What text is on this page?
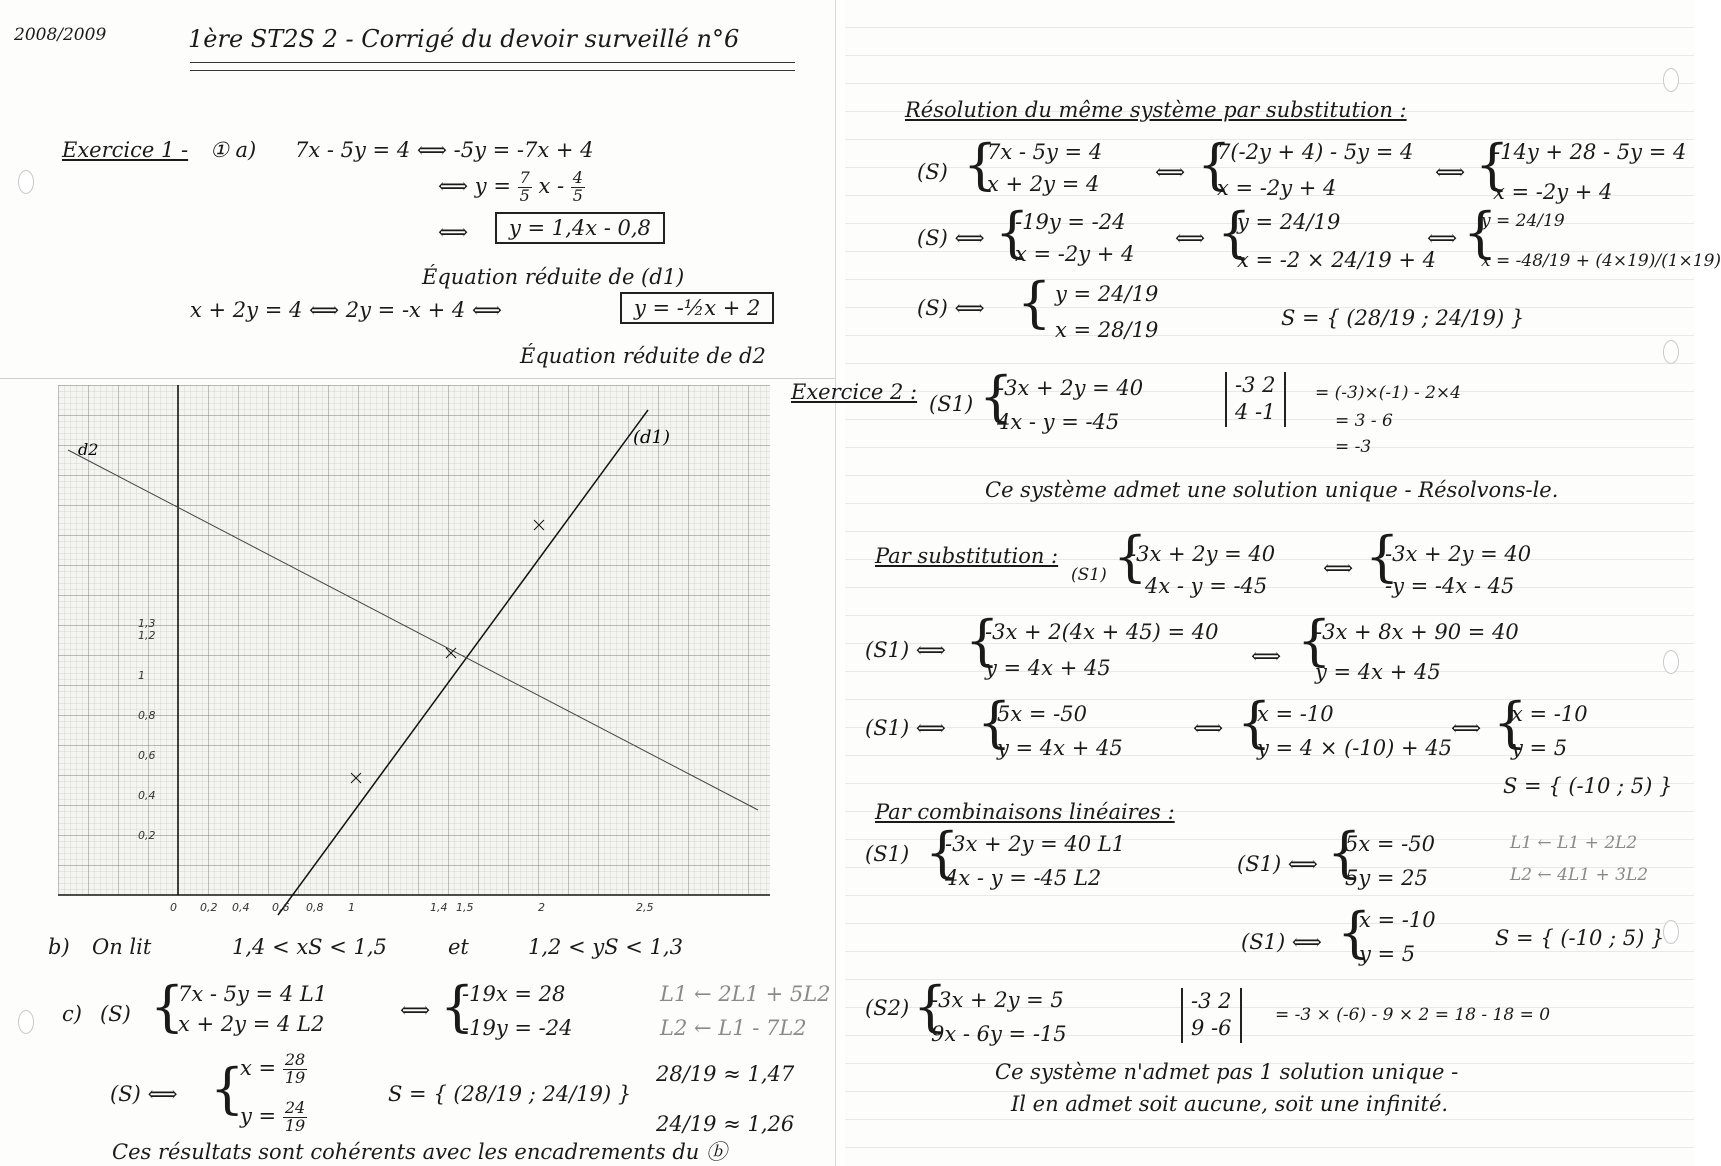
2008/2009	1ère ST2S 2 - Corrigé du devoir surveillé n°6
Exercice 1 - ① a) 7x - 5y = 4 ⟺ -5y = -7x + 4
⟺ $y = \frac{7}{5}$ x - $\frac{4}{5}$
⟺	y = 1,4x - 0,8
Équation réduite de (d1)
x + 2y = 4 ⟺ 2y = -x + 4 ⟺	y = -½x + 2
Équation réduite de d2
(d1)
d2
0,2
0,4
0,6
0,8
1
1,2
1,3
0 0,2 0,4 0,6 0,8 1	1,4 1,5	2	2,5
b) On lit	1,4 < xS < 1,5	et	1,2 < yS < 1,3
c) (S) {
7x - 5y = 4 L1
x + 2y = 4 L2
⟺ {
-19x = 28
-19y = -24
L1 ← 2L1 + 5L2
L2 ← L1 - 7L2
(S) ⟺ {
$x = \frac{28}{19}$
$y = \frac{24}{19}$
S = { (28/19 ; 24/19) }
28/19 ≈ 1,47
24/19 ≈ 1,26
Ces résultats sont cohérents avec les encadrements du ⓑ
Résolution du même système par substitution :
(S) {
7x - 5y = 4
x + 2y = 4	⟺ {
7(-2y + 4) - 5y = 4
x = -2y + 4
⟺ {
-14y + 28 - 5y = 4
x = -2y + 4
(S) ⟺ {
-19y = -24
x = -2y + 4
⟺ {
y = 24/19
x = -2 × 24/19 + 4
⟺ {
y = 24/19
x = -48/19 + (4×19)/(1×19)
(S) ⟺ { y = 24/19
x = 28/19	S = { (28/19 ; 24/19) }
Exercice 2 : (S1) {
-3x + 2y = 40
4x - y = -45
-3 2
4 -1
= (-3)×(-1) - 2×4
= 3 - 6
= -3
Ce système admet une solution unique - Résolvons-le.
Par substitution :
(S1) {
-3x + 2y = 40
4x - y = -45
⟺ {
-3x + 2y = 40
-y = -4x - 45
(S1) ⟺ {
-3x + 2(4x + 45) = 40
y = 4x + 45	⟺ {
-3x + 8x + 90 = 40
y = 4x + 45
(S1) ⟺ {
5x = -50
y = 4x + 45
⟺ {
x = -10
y = 4 × (-10) + 45
⟺ {
x = -10
y = 5
S = { (-10 ; 5) }
Par combinaisons linéaires :
(S1) {
-3x + 2y = 40 L1
4x - y = -45 L2
(S1) ⟺ {
5x = -50
5y = 25
L1 ← L1 + 2L2
L2 ← 4L1 + 3L2
(S1) ⟺ {
x = -10
y = 5
S = { (-10 ; 5) }
(S2) {
-3x + 2y = 5
9x - 6y = -15
-3 2
9 -6
= -3 × (-6) - 9 × 2 = 18 - 18 = 0
Ce système n'admet pas 1 solution unique -
Il en admet soit aucune, soit une infinité.
